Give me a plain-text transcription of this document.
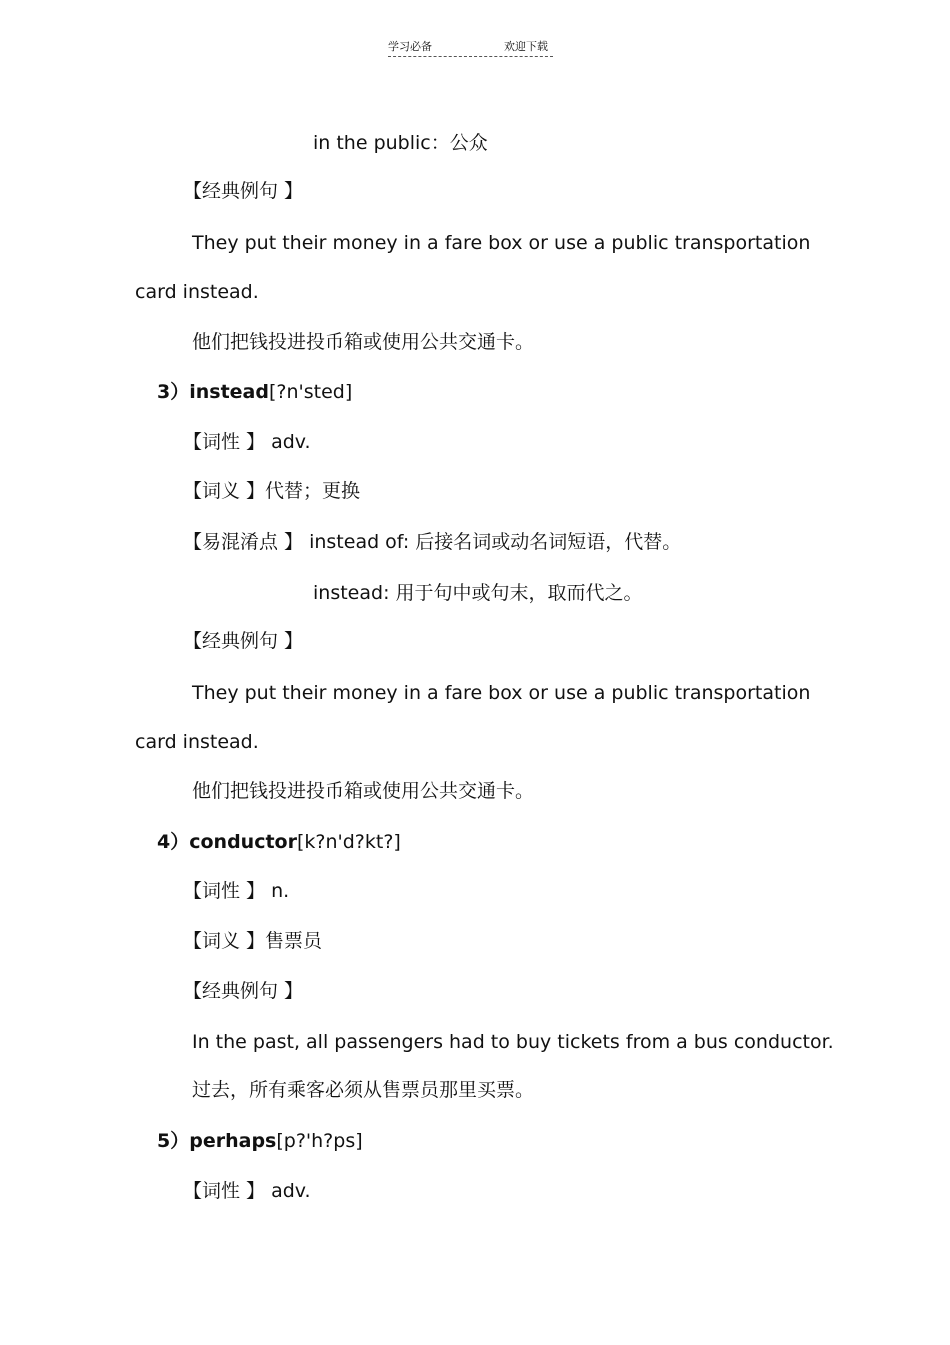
学习必备	欢迎下载
in the public：公众
【经典例句 】
They put their money in a fare box or use a public transportation
card instead.
他们把钱投进投币箱或使用公共交通卡。
3）instead[?n'sted]
【词性 】 adv.
【词义 】代替；更换
【易混淆点 】 instead of: 后接名词或动名词短语，代替。
instead: 用于句中或句末，取而代之。
【经典例句 】
They put their money in a fare box or use a public transportation
card instead.
他们把钱投进投币箱或使用公共交通卡。
4）conductor[k?n'd?kt?]
【词性 】 n.
【词义 】售票员
【经典例句 】
In the past, all passengers had to buy tickets from a bus conductor.
过去，所有乘客必须从售票员那里买票。
5）perhaps[p?'h?ps]
【词性 】 adv.
